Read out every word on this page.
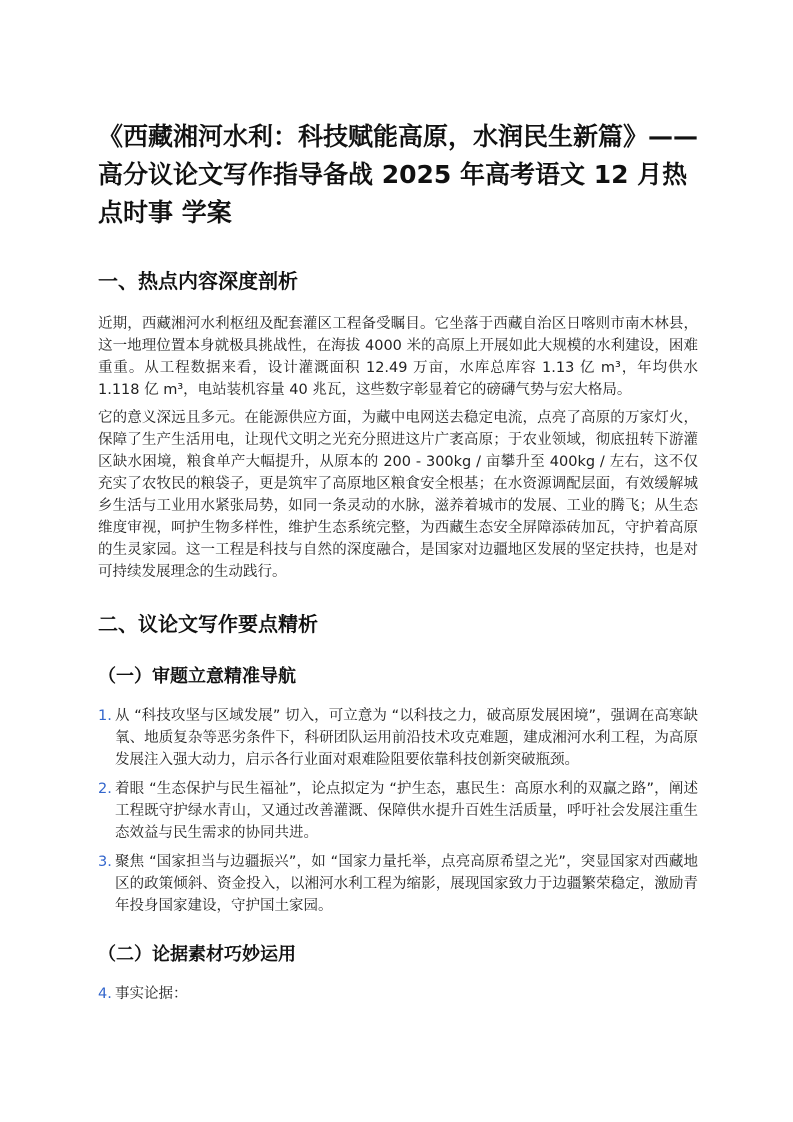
《西藏湘河水利：科技赋能高原，水润民生新篇》——高分议论文写作指导备战 2025 年高考语文 12 月热点时事 学案
一、热点内容深度剖析

近期，西藏湘河水利枢纽及配套灌区工程备受瞩目。它坐落于西藏自治区日喀则市南木林县，这一地理位置本身就极具挑战性，在海拔 4000 米的高原上开展如此大规模的水利建设，困难重重。从工程数据来看，设计灌溉面积 12.49 万亩，水库总库容 1.13 亿 m³，年均供水 1.118 亿 m³，电站装机容量 40 兆瓦，这些数字彰显着它的磅礴气势与宏大格局。

它的意义深远且多元。在能源供应方面，为藏中电网送去稳定电流，点亮了高原的万家灯火，保障了生产生活用电，让现代文明之光充分照进这片广袤高原；于农业领域，彻底扭转下游灌区缺水困境，粮食单产大幅提升，从原本的 200 - 300kg / 亩攀升至 400kg / 左右，这不仅充实了农牧民的粮袋子，更是筑牢了高原地区粮食安全根基；在水资源调配层面，有效缓解城乡生活与工业用水紧张局势，如同一条灵动的水脉，滋养着城市的发展、工业的腾飞；从生态维度审视，呵护生物多样性，维护生态系统完整，为西藏生态安全屏障添砖加瓦，守护着高原的生灵家园。这一工程是科技与自然的深度融合，是国家对边疆地区发展的坚定扶持，也是对可持续发展理念的生动践行。

二、议论文写作要点精析
（一）审题立意精准导航
1. 从 “科技攻坚与区域发展” 切入，可立意为 “以科技之力，破高原发展困境”，强调在高寒缺氧、地质复杂等恶劣条件下，科研团队运用前沿技术攻克难题，建成湘河水利工程，为高原发展注入强大动力，启示各行业面对艰难险阻要依靠科技创新突破瓶颈。
2. 着眼 “生态保护与民生福祉”，论点拟定为 “护生态，惠民生：高原水利的双赢之路”，阐述工程既守护绿水青山，又通过改善灌溉、保障供水提升百姓生活质量，呼吁社会发展注重生态效益与民生需求的协同共进。
3. 聚焦 “国家担当与边疆振兴”，如 “国家力量托举，点亮高原希望之光”，突显国家对西藏地区的政策倾斜、资金投入，以湘河水利工程为缩影，展现国家致力于边疆繁荣稳定，激励青年投身国家建设，守护国土家园。
（二）论据素材巧妙运用
4. 事实论据：
